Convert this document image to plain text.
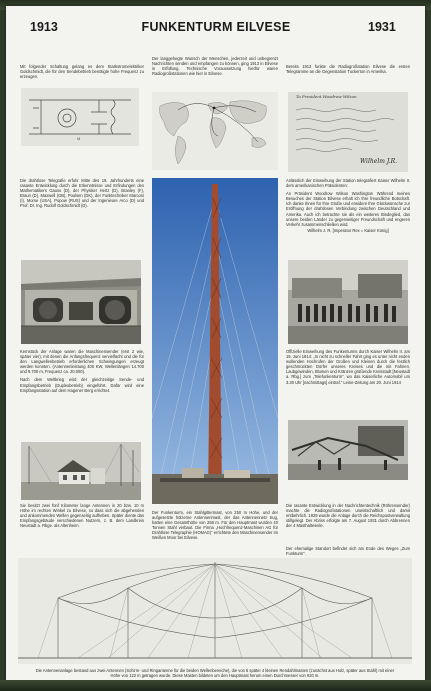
1913	FUNKENTURM EILVESE	1931
Mit folgender Schaltung gelang es dem Starkstromelektriker Goldschmidt, die für den Sendebetrieb benötigte hohe Frequenz zu erzeugen.
M
Die drahtlose Telegrafie erfuhr Mitte des 19. Jahrhunderts eine rasante Entwicklung durch die Erkenntnisse und Erfindungen des Mathematikers Gauss (D), der Physiker Hertz (D), Branley (F), Braun (D), Maxwell (GB), Poulsen (DK), der Funktechniker Marconi (I), Morse (USA), Popow (RUS) und der Ingenieure Arco (D) und Prof. Dr. Ing. Rudolf Goldschmidt (D).
Kernstück der Anlage waren die Maschinensender (erst 2 wie, später vier), mit denen die Anfangsfrequenz vervielfacht und die für den Langwellenbetrieb erforderlichen Schwingungen erzeugt werden konnten. (Antennenleistung 400 KW, Wellenlängen 14.700 und 9.700 m, Frequenz ca. 20.000).
Nach dem Weltkrieg wird der gleichzeitige Sende- und Empfangsbetrieb (Duplexbetrieb) eingeführt. Dafür wird eine Empfangsstation auf dem Hagener Berg errichtet.
Sie besitzt zwei fünf Kilometer lange Antennen in 20 bzw. 10 m Höhe im rechten Winkel zu Eilvese, so dass sich die abgehenden und ankommenden Wellen gegenseitig aufheben. Später diente das Empfangsgebäude verschiedenen Nutzern, z. B. dem Landkreis Neustadt a. Rbge. als Altenheim.
Der langgehegte Wunsch der Menschen, jederzeit und unbegrenzt Nachrichten senden und empfangen zu können, ging 1913 in Eilvese in Erfüllung. Technische Voraussetzung hierfür waren Radiogroßstationen wie hier in Eilvese.
Der Funkenturm, ein Stahlgittermast, von 250 m Höhe, und der aufgesetzte hölzerne Antennenmast, der das Antennennetz trug, hatten eine Gesamthöhe von 258 m. Für den Hauptmast wurden 40 Tonnen Stahl verbaut. Die Firma „Hochfrequenz-Maschinen AG für Drahtlose Telegraphie (HOMAG)“ errichtete den Maschinensender im Weißen Moor bei Eilvese.
Bereits 1913 funkte die Radiogroßstation Eilvese die ersten Telegramme an die Gegenstation Tuckerton in Amerika.
To President Woodrow Wilson
Wilhelm J.R.
Anlässlich der Einweihung der Station telegrafiert Kaiser Wilhelm II. dem amerikanischen Präsidenten:
An Präsident Woodrow Wilson Washington Während meines Besuches der Station Eilvese erhalt ich Ihre freundliche Botschaft. Ich danke Ihnen für Ihre Grüße und erwidere Ihre Glückwünsche zur Eröffnung der drahtlosen Verbindung zwischen Deutschland und Amerika. Auch ich betrachte sie als ein weiteres Bindeglied, das unsere beiden Länder zu gegenseitiger Freundschaft und engeren Verkehr zusammenschließen wird.
Wilhelm J. R. [Imperator Rex = Kaiser König]
Offizielle Einweihung des Funkenturms durch Kaiser Wilhelm II. am 19. Juni 1914: „In nicht zu schneller Fahrt ging es unter nicht enden wollenden Hochrufen der Großen und Kleinen durch die festlich geschmückten Dörfer unseres Kreises und die mit Fahnen, Laubgewinden, Blumen und Kränzen grüßende Kreisstadt [Neustadt a. Rbg.] zum „Telefunkenturm“, wo das Kaiserliche Automobil um 3.30 Uhr [nachmittags] eintraf.“ Leine-Zeitung am 20. Juni 1914
Die rasante Entwicklung in der Nachrichtentechnik (Röhrensender) machte die Radiogroßstationen unwirtschaftlich und damit entbehrlich. 1929 wurde die Anlage durch die Reichspostverwaltung stillgelegt. Der Abriss erfolgte am 7. August 1931 durch Abbrennen der 4 Masthalteseile.
Der ehemalige Standort befindet sich am Ende des Weges „Zum Funkturm“.
Die Antennenanlage bestand aus zwei Antennen (Schirm- und Ringantenne für die beiden Wellenbereiche), die von 6 später 4 kleinen Rendahlmasten (zunächst aus Holz, später aus Stahl) mit einer Höhe von 122 m getragen wurde. Diese Masten bildeten um den Hauptmast herum einen Durchmesser von 920 m.
